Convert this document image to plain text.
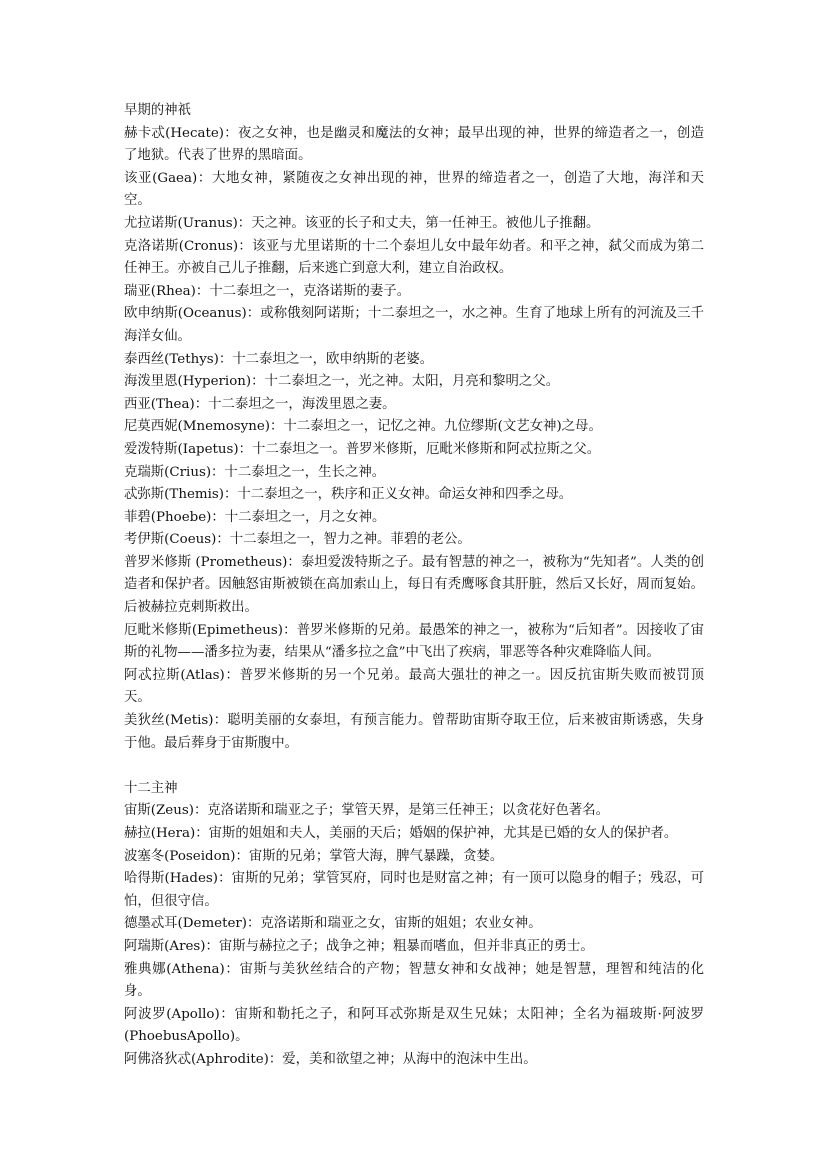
早期的神祇

赫卡忒(Hecate)：夜之女神，也是幽灵和魔法的女神；最早出现的神，世界的缔造者之一，创造了地狱。代表了世界的黑暗面。

该亚(Gaea)：大地女神，紧随夜之女神出现的神，世界的缔造者之一，创造了大地，海洋和天空。

尤拉诺斯(Uranus)：天之神。该亚的长子和丈夫，第一任神王。被他儿子推翻。

克洛诺斯(Cronus)：该亚与尤里诺斯的十二个泰坦儿女中最年幼者。和平之神，弑父而成为第二任神王。亦被自己儿子推翻，后来逃亡到意大利，建立自治政权。

瑞亚(Rhea)：十二泰坦之一，克洛诺斯的妻子。

欧申纳斯(Oceanus)：或称俄刻阿诺斯；十二泰坦之一，水之神。生育了地球上所有的河流及三千海洋女仙。

泰西丝(Tethys)：十二泰坦之一，欧申纳斯的老婆。

海泼里恩(Hyperion)：十二泰坦之一，光之神。太阳，月亮和黎明之父。

西亚(Thea)：十二泰坦之一，海泼里恩之妻。

尼莫西妮(Mnemosyne)：十二泰坦之一，记忆之神。九位缪斯(文艺女神)之母。

爱泼特斯(Iapetus)：十二泰坦之一。普罗米修斯，厄毗米修斯和阿忒拉斯之父。

克瑞斯(Crius)：十二泰坦之一，生长之神。

忒弥斯(Themis)：十二泰坦之一，秩序和正义女神。命运女神和四季之母。

菲碧(Phoebe)：十二泰坦之一，月之女神。

考伊斯(Coeus)：十二泰坦之一，智力之神。菲碧的老公。

普罗米修斯 (Prometheus)：泰坦爱泼特斯之子。最有智慧的神之一，被称为“先知者”。人类的创造者和保护者。因触怒宙斯被锁在高加索山上，每日有秃鹰啄食其肝脏，然后又长好，周而复始。后被赫拉克剌斯救出。

厄毗米修斯(Epimetheus)：普罗米修斯的兄弟。最愚笨的神之一，被称为“后知者”。因接收了宙斯的礼物——潘多拉为妻，结果从“潘多拉之盒”中飞出了疾病，罪恶等各种灾难降临人间。

阿忒拉斯(Atlas)：普罗米修斯的另一个兄弟。最高大强壮的神之一。因反抗宙斯失败而被罚顶天。

美狄丝(Metis)：聪明美丽的女泰坦，有预言能力。曾帮助宙斯夺取王位，后来被宙斯诱惑，失身于他。最后葬身于宙斯腹中。

十二主神

宙斯(Zeus)：克洛诺斯和瑞亚之子；掌管天界，是第三任神王；以贪花好色著名。

赫拉(Hera)：宙斯的姐姐和夫人，美丽的天后；婚姻的保护神，尤其是已婚的女人的保护者。

波塞冬(Poseidon)：宙斯的兄弟；掌管大海，脾气暴躁，贪婪。

哈得斯(Hades)：宙斯的兄弟；掌管冥府，同时也是财富之神；有一顶可以隐身的帽子；残忍，可怕，但很守信。

德墨忒耳(Demeter)：克洛诺斯和瑞亚之女，宙斯的姐姐；农业女神。

阿瑞斯(Ares)：宙斯与赫拉之子；战争之神；粗暴而嗜血，但并非真正的勇士。

雅典娜(Athena)：宙斯与美狄丝结合的产物；智慧女神和女战神；她是智慧，理智和纯洁的化身。

阿波罗(Apollo)：宙斯和勒托之子，和阿耳忒弥斯是双生兄妹；太阳神；全名为福玻斯·阿波罗(PhoebusApollo)。

阿佛洛狄忒(Aphrodite)：爱，美和欲望之神；从海中的泡沫中生出。
